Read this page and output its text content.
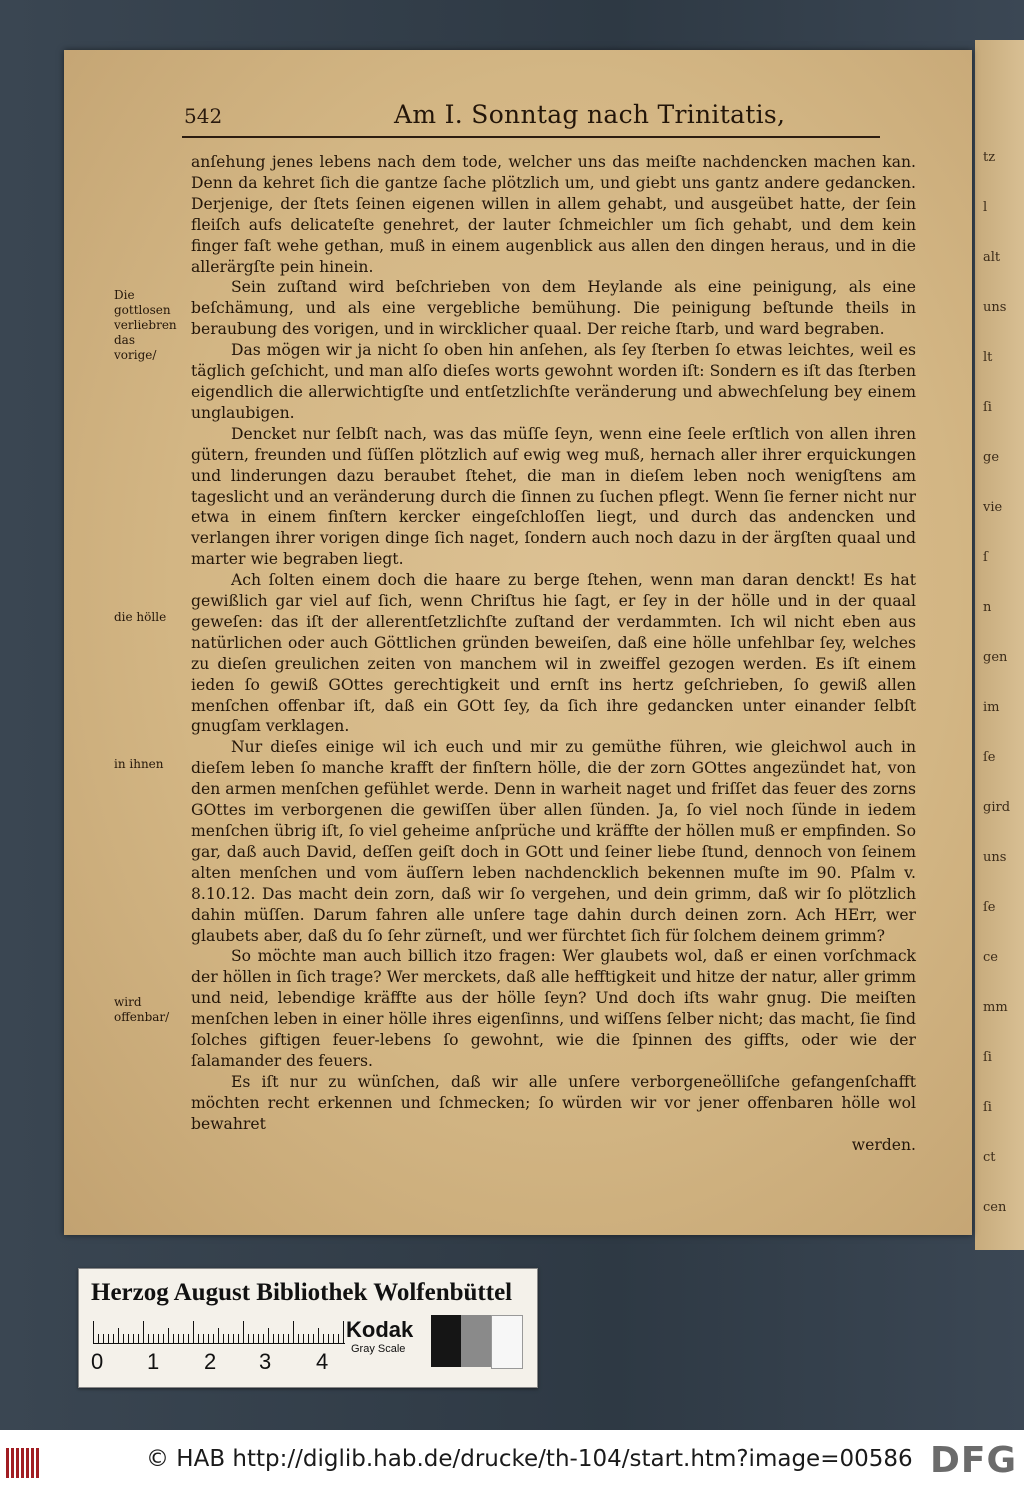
tz
l
alt
uns
lt
ſi
ge
vie
ſ
n
gen
im
ſe
gird
uns
ſe
ce
mm
ſi
ſi
ct
cen
542	Am I. Sonntag nach Trinitatis,
Die gottlosen verliebren das vorige/
die hölle
in ihnen
wird offenbar/

anſehung jenes lebens nach dem tode, welcher uns das meiſte nachdencken machen kan. Denn da kehret ſich die gantze ſache plötzlich um, und giebt uns gantz andere gedancken. Derjenige, der ſtets ſeinen eigenen willen in allem gehabt, und ausgeübet hatte, der ſein fleiſch aufs delicateſte genehret, der lauter ſchmeichler um ſich gehabt, und dem kein finger faſt wehe gethan, muß in einem augenblick aus allen den dingen heraus, und in die allerärgſte pein hinein.

Sein zuſtand wird beſchrieben von dem Heylande als eine peinigung, als eine beſchämung, und als eine vergebliche bemühung. Die peinigung beſtunde theils in beraubung des vorigen, und in wircklicher quaal. Der reiche ſtarb, und ward begraben.

Das mögen wir ja nicht ſo oben hin anſehen, als ſey ſterben ſo etwas leichtes, weil es täglich geſchicht, und man alſo dieſes worts gewohnt worden iſt: Sondern es iſt das ſterben eigendlich die allerwichtigſte und entſetzlichſte veränderung und abwechſelung bey einem unglaubigen.

Dencket nur ſelbſt nach, was das müſſe ſeyn, wenn eine ſeele erſtlich von allen ihren gütern, freunden und ſüſſen plötzlich auf ewig weg muß, hernach aller ihrer erquickungen und linderungen dazu beraubet ſtehet, die man in dieſem leben noch wenigſtens am tageslicht und an veränderung durch die ſinnen zu ſuchen pflegt. Wenn ſie ferner nicht nur etwa in einem finſtern kercker eingeſchloſſen liegt, und durch das andencken und verlangen ihrer vorigen dinge ſich naget, ſondern auch noch dazu in der ärgſten quaal und marter wie begraben liegt.

Ach ſolten einem doch die haare zu berge ſtehen, wenn man daran denckt! Es hat gewißlich gar viel auf ſich, wenn Chriſtus hie ſagt, er ſey in der hölle und in der quaal geweſen: das iſt der allerentſetzlichſte zuſtand der verdammten. Ich wil nicht eben aus natürlichen oder auch Göttlichen gründen beweiſen, daß eine hölle unfehlbar ſey, welches zu dieſen greulichen zeiten von manchem wil in zweiffel gezogen werden. Es iſt einem ieden ſo gewiß GOttes gerechtigkeit und ernſt ins hertz geſchrieben, ſo gewiß allen menſchen offenbar iſt, daß ein GOtt ſey, da ſich ihre gedancken unter einander ſelbſt gnugſam verklagen.

Nur dieſes einige wil ich euch und mir zu gemüthe führen, wie gleichwol auch in dieſem leben ſo manche krafft der finſtern hölle, die der zorn GOttes angezündet hat, von den armen menſchen gefühlet werde. Denn in warheit naget und friſſet das feuer des zorns GOttes im verborgenen die gewiſſen über allen ſünden. Ja, ſo viel noch ſünde in iedem menſchen übrig iſt, ſo viel geheime anſprüche und kräffte der höllen muß er empfinden. So gar, daß auch David, deſſen geiſt doch in GOtt und ſeiner liebe ſtund, dennoch von ſeinem alten menſchen und vom äuſſern leben nachdencklich bekennen muſte im 90. Pſalm v. 8.10.12. Das macht dein zorn, daß wir ſo vergehen, und dein grimm, daß wir ſo plötzlich dahin müſſen. Darum fahren alle unſere tage dahin durch deinen zorn. Ach HErr, wer glaubets aber, daß du ſo ſehr zürneſt, und wer fürchtet ſich für ſolchem deinem grimm?

So möchte man auch billich itzo fragen: Wer glaubets wol, daß er einen vorſchmack der höllen in ſich trage? Wer merckets, daß alle hefftigkeit und hitze der natur, aller grimm und neid, lebendige kräffte aus der hölle ſeyn? Und doch iſts wahr gnug. Die meiſten menſchen leben in einer hölle ihres eigenſinns, und wiſſens ſelber nicht; das macht, ſie ſind ſolches giftigen feuer-lebens ſo gewohnt, wie die ſpinnen des giffts, oder wie der ſalamander des feuers.

Es iſt nur zu wünſchen, daß wir alle unſere verborgeneölliſche gefangenſchafft möchten recht erkennen und ſchmecken; ſo würden wir vor jener offenbaren hölle wol bewahret

werden.
Herzog August Bibliothek Wolfenbüttel
0 1 2 3 4
Kodak
Gray Scale
© HAB http://diglib.hab.de/drucke/th-104/start.htm?image=00586 DFG
